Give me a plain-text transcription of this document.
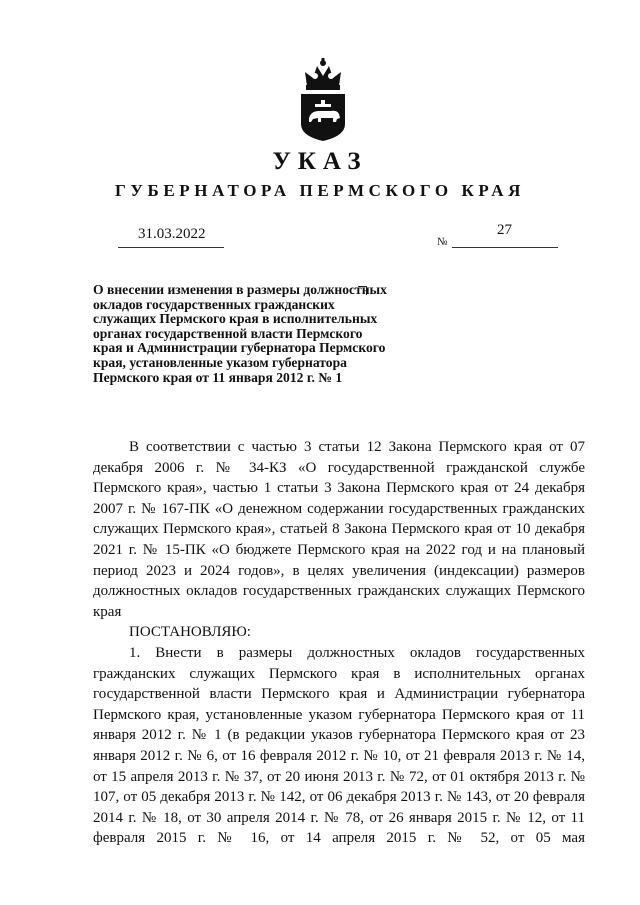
УКАЗ
ГУБЕРНАТОРА ПЕРМСКОГО КРАЯ
31.03.2022	№
27
О внесении изменения в размеры должностных окладов государственных гражданских служащих Пермского края в исполнительных органах государственной власти Пермского края и Администрации губернатора Пермского края, установленные указом губернатора Пермского края от 11 января 2012 г. № 1

В соответствии с частью 3 статьи 12 Закона Пермского края от 07 декабря 2006 г. № 34-КЗ «О государственной гражданской службе Пермского края», частью 1 статьи 3 Закона Пермского края от 24 декабря 2007 г. № 167-ПК «О денежном содержании государственных гражданских служащих Пермского края», статьей 8 Закона Пермского края от 10 декабря 2021 г. № 15-ПК «О бюджете Пермского края на 2022 год и на плановый период 2023 и 2024 годов», в целях увеличения (индексации) размеров должностных окладов государственных гражданских служащих Пермского края

ПОСТАНОВЛЯЮ:

1. Внести в размеры должностных окладов государственных гражданских служащих Пермского края в исполнительных органах государственной власти Пермского края и Администрации губернатора Пермского края, установленные указом губернатора Пермского края от 11 января 2012 г. № 1 (в редакции указов губернатора Пермского края от 23 января 2012 г. № 6, от 16 февраля 2012 г. № 10, от 21 февраля 2013 г. № 14, от 15 апреля 2013 г. № 37, от 20 июня 2013 г. № 72, от 01 октября 2013 г. № 107, от 05 декабря 2013 г. № 142, от 06 декабря 2013 г. № 143, от 20 февраля 2014 г. № 18, от 30 апреля 2014 г. № 78, от 26 января 2015 г. № 12, от 11 февраля 2015 г. № 16, от 14 апреля 2015 г. № 52, от 05 мая
